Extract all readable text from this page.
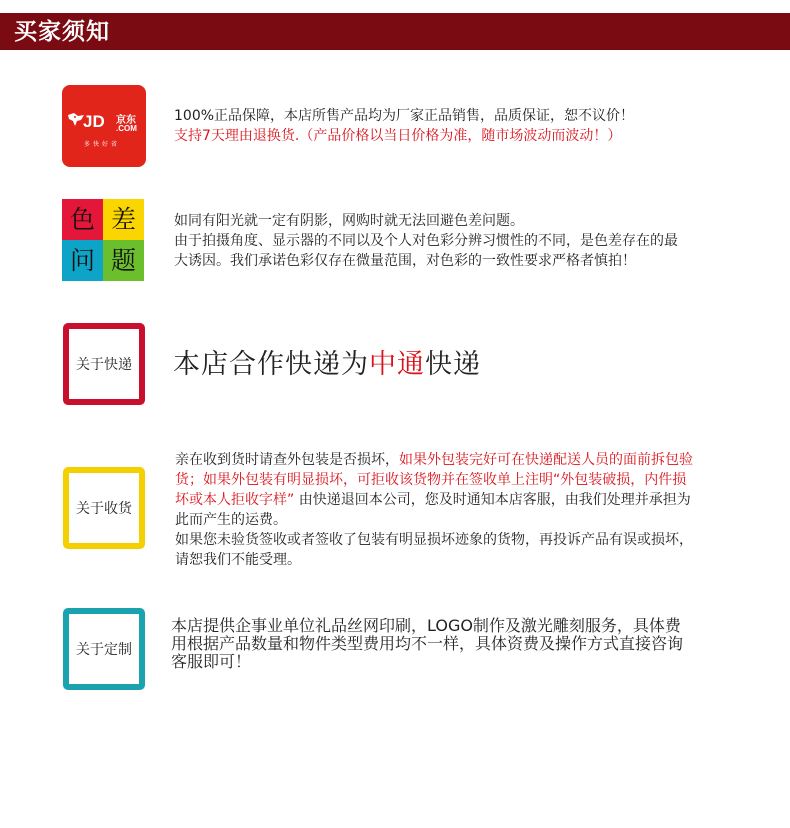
买家须知
JD 京东
.COM
多快好省
100%正品保障，本店所售产品均为厂家正品销售，品质保证，恕不议价！
支持7天理由退换货.（产品价格以当日价格为准，随市场波动而波动！）
色 差
问 题
如同有阳光就一定有阴影，网购时就无法回避色差问题。
由于拍摄角度、显示器的不同以及个人对色彩分辨习惯性的不同，是色差存在的最
大诱因。我们承诺色彩仅存在微量范围，对色彩的一致性要求严格者慎拍！
关于快递 本店合作快递为中通快递
关于收货
亲在收到货时请查外包装是否损坏，如果外包装完好可在快递配送人员的面前拆包验
货；如果外包装有明显损坏，可拒收该货物并在签收单上注明“外包装破损，内件损
坏或本人拒收字样” 由快递退回本公司，您及时通知本店客服，由我们处理并承担为
此而产生的运费。
如果您未验货签收或者签收了包装有明显损坏迹象的货物，再投诉产品有误或损坏，
请恕我们不能受理。
关于定制
本店提供企事业单位礼品丝网印刷，LOGO制作及激光雕刻服务，具体费
用根据产品数量和物件类型费用均不一样，具体资费及操作方式直接咨询
客服即可！
